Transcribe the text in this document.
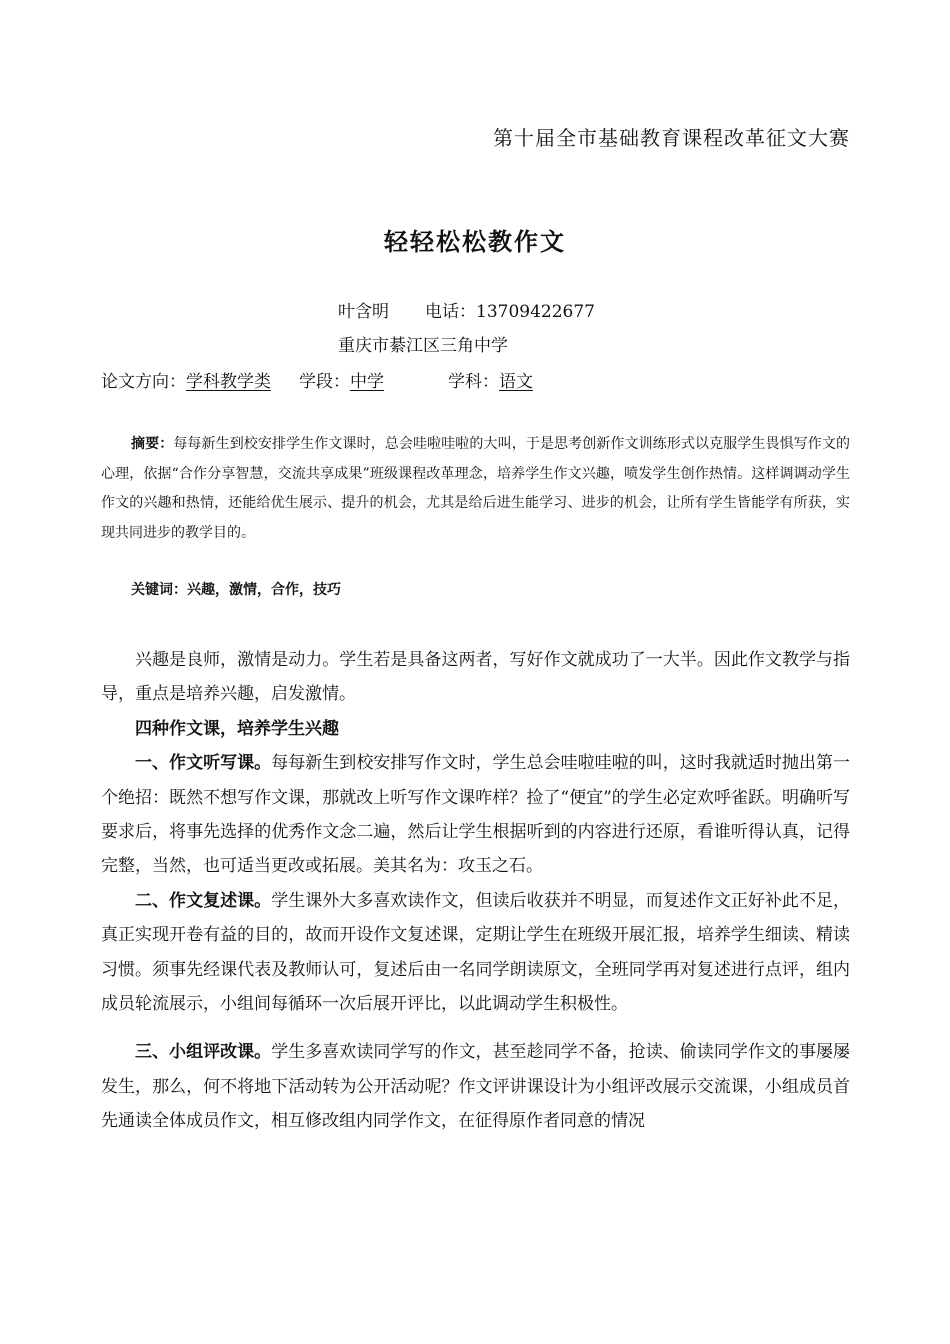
第十届全市基础教育课程改革征文大赛
轻轻松松教作文
叶含明 电话：13709422677
重庆市綦江区三角中学
论文方向：学科教学类 学段：中学	学科：语文
摘要：每每新生到校安排学生作文课时，总会哇啦哇啦的大叫，于是思考创新作文训练形式以克服学生畏惧写作文的心理，依据“合作分享智慧，交流共享成果”班级课程改革理念，培养学生作文兴趣，喷发学生创作热情。这样调调动学生作文的兴趣和热情，还能给优生展示、提升的机会，尤其是给后进生能学习、进步的机会，让所有学生皆能学有所获，实现共同进步的教学目的。
关键词：兴趣，激情，合作，技巧

兴趣是良师，激情是动力。学生若是具备这两者，写好作文就成功了一大半。因此作文教学与指导，重点是培养兴趣，启发激情。

四种作文课，培养学生兴趣

一、作文听写课。每每新生到校安排写作文时，学生总会哇啦哇啦的叫，这时我就适时抛出第一个绝招：既然不想写作文课，那就改上听写作文课咋样？捡了“便宜”的学生必定欢呼雀跃。明确听写要求后，将事先选择的优秀作文念二遍，然后让学生根据听到的内容进行还原，看谁听得认真，记得完整，当然，也可适当更改或拓展。美其名为：攻玉之石。

二、作文复述课。学生课外大多喜欢读作文，但读后收获并不明显，而复述作文正好补此不足，真正实现开卷有益的目的，故而开设作文复述课，定期让学生在班级开展汇报，培养学生细读、精读习惯。须事先经课代表及教师认可，复述后由一名同学朗读原文，全班同学再对复述进行点评，组内成员轮流展示，小组间每循环一次后展开评比，以此调动学生积极性。

三、小组评改课。学生多喜欢读同学写的作文，甚至趁同学不备，抢读、偷读同学作文的事屡屡发生，那么，何不将地下活动转为公开活动呢？作文评讲课设计为小组评改展示交流课，小组成员首先通读全体成员作文，相互修改组内同学作文，在征得原作者同意的情况
